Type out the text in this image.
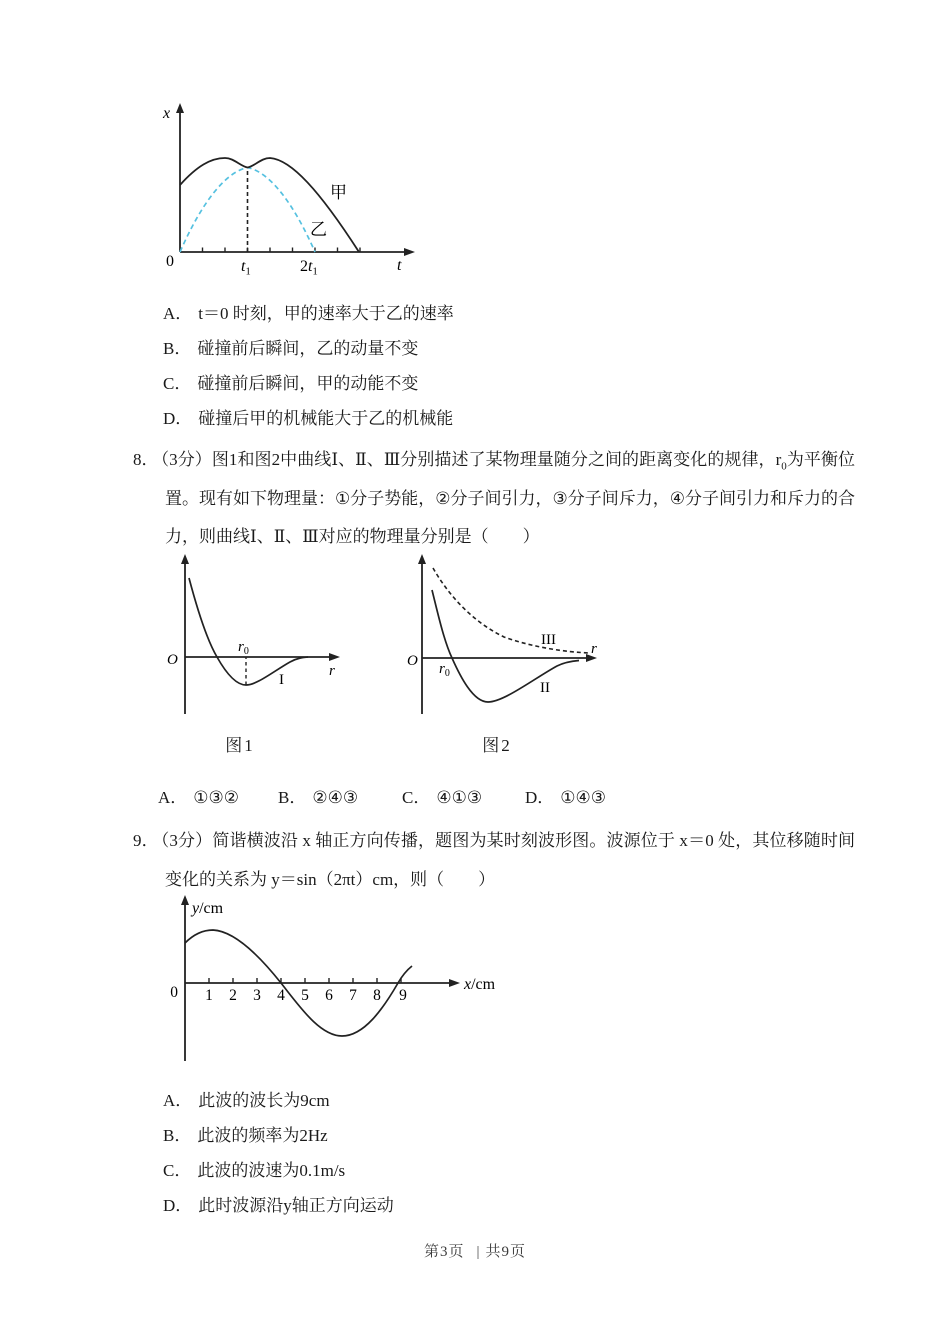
x
0	$t_1$	$2t_1$	t
甲
乙
A． t＝0 时刻，甲的速率大于乙的速率
B． 碰撞前后瞬间，乙的动量不变
C． 碰撞前后瞬间，甲的动能不变
D． 碰撞后甲的机械能大于乙的机械能
8． （3分）图1和图2中曲线Ⅰ、Ⅱ、Ⅲ分别描述了某物理量随分之间的距离变化的规律，$r_0$为平衡位置。现有如下物理量：①分子势能，②分子间引力，③分子间斥力，④分子间引力和斥力的合力，则曲线Ⅰ、Ⅱ、Ⅲ对应的物理量分别是（　　）
O
r
$r_0$
I
O
r
$r_0$
III
II
图1	图2
A． ①③② B． ②④③	C． ④①③	D． ①④③
9． （3分）简谐横波沿 x 轴正方向传播，题图为某时刻波形图。波源位于 x＝0 处，其位移随时间变化的关系为 y＝sin（2πt）cm，则（　　）
y/cm
x/cm
0 1 2 3 4 5 6 7 8 9
A． 此波的波长为9cm
B． 此波的频率为2Hz
C． 此波的波速为0.1m/s
D． 此时波源沿y轴正方向运动
第3页 | 共9页
